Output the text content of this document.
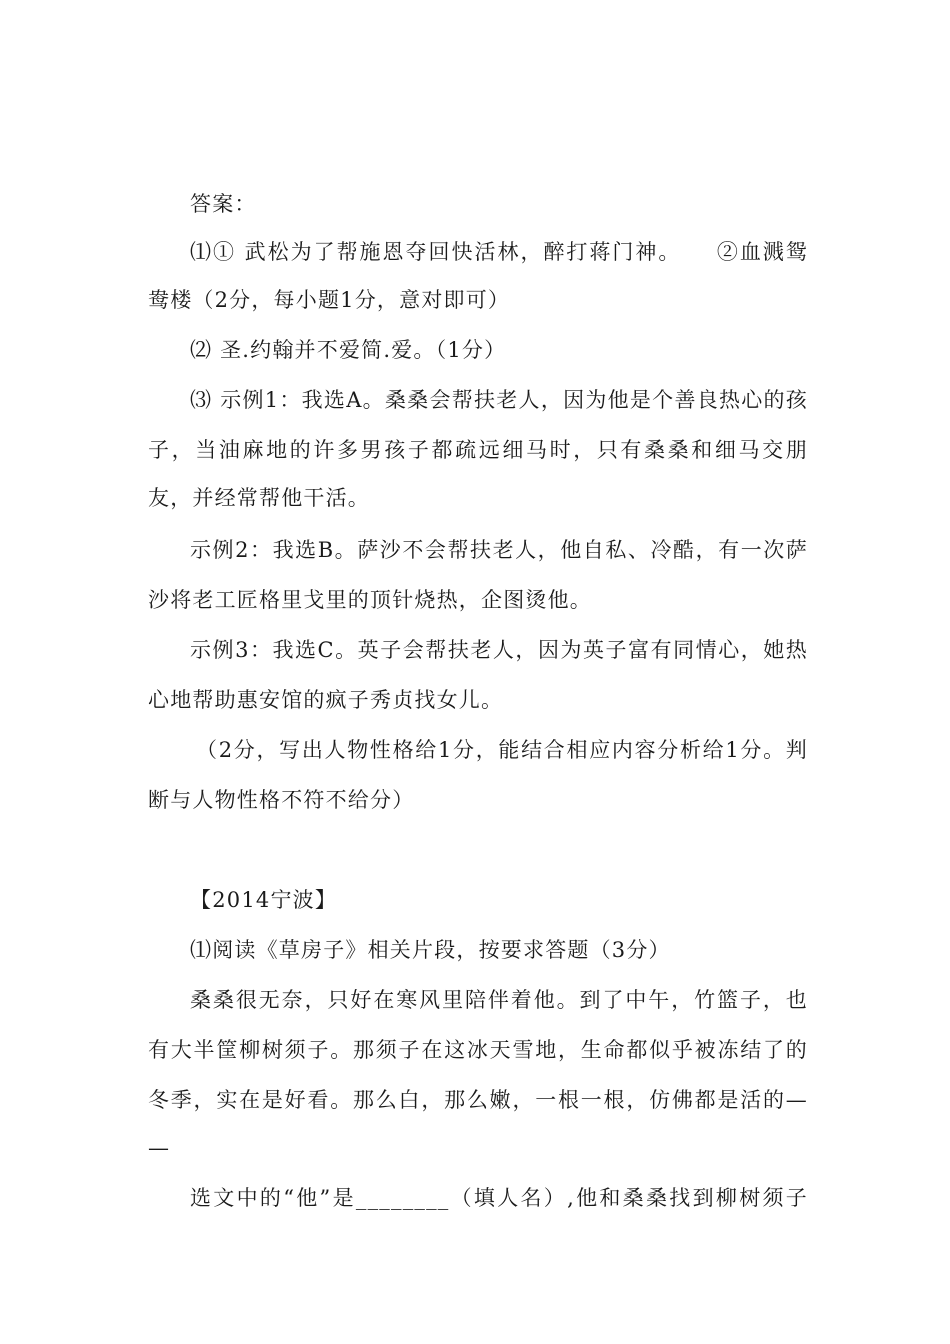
答案：
⑴① 武松为了帮施恩夺回快活林，醉打蒋门神。　　②血溅鸳
鸯楼（2分，每小题1分，意对即可）
⑵ 圣.约翰并不爱简.爱。（1分）
⑶ 示例1：我选A。桑桑会帮扶老人，因为他是个善良热心的孩
子，当油麻地的许多男孩子都疏远细马时，只有桑桑和细马交朋
友，并经常帮他干活。
示例2：我选B。萨沙不会帮扶老人，他自私、冷酷，有一次萨
沙将老工匠格里戈里的顶针烧热，企图烫他。
示例3：我选C。英子会帮扶老人，因为英子富有同情心，她热
心地帮助惠安馆的疯子秀贞找女儿。
（2分，写出人物性格给1分，能结合相应内容分析给1分。判
断与人物性格不符不给分）
【2014宁波】
⑴阅读《草房子》相关片段，按要求答题（3分）
桑桑很无奈，只好在寒风里陪伴着他。到了中午，竹篮子，也
有大半筐柳树须子。那须子在这冰天雪地，生命都似乎被冻结了的
冬季，实在是好看。那么白，那么嫩，一根一根，仿佛都是活的—
—
选文中的“他”是________（填人名）,他和桑桑找到柳树须子
